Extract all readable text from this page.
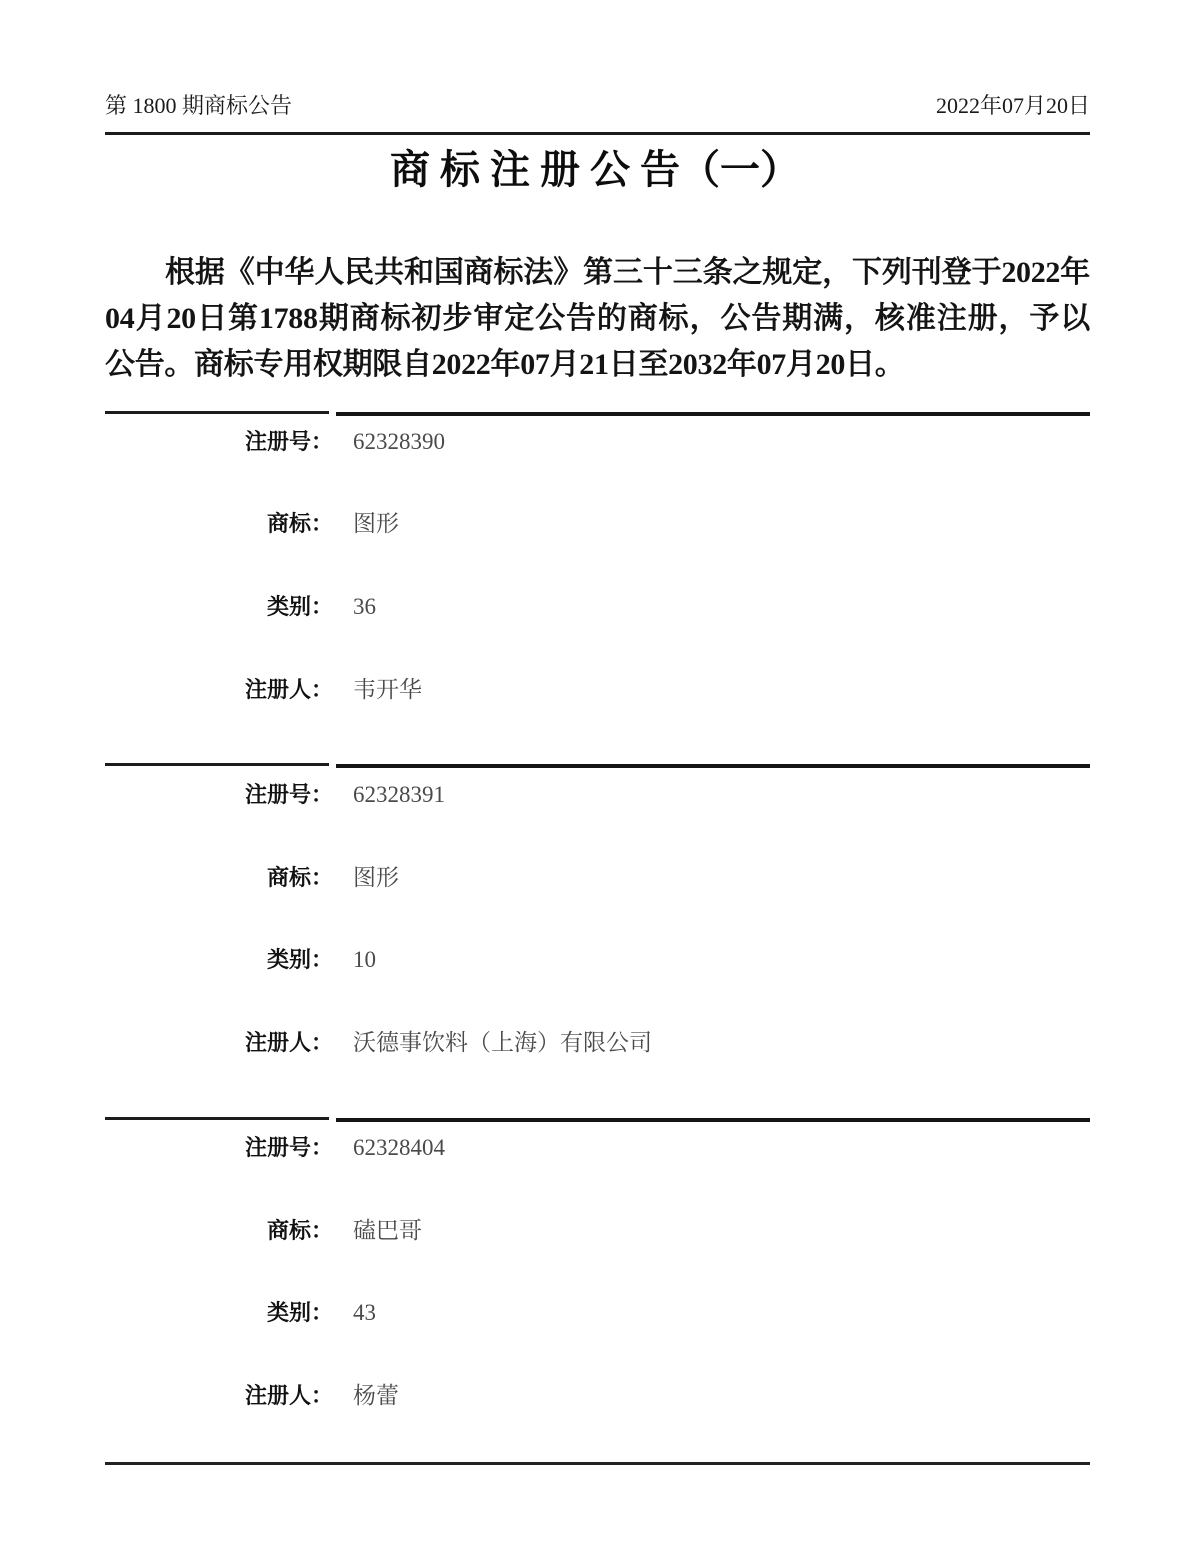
第 1800 期商标公告	2022年07月20日
商 标 注 册 公 告（一）
根据《中华人民共和国商标法》第三十三条之规定，下列刊登于2022年
04月20日第1788期商标初步审定公告的商标，公告期满，核准注册，予以
公告。商标专用权期限自2022年07月21日至2032年07月20日。
注册号： 62328390
商标： 图形
类别： 36
注册人： 韦开华
注册号： 62328391
商标： 图形
类别： 10
注册人： 沃德事饮料（上海）有限公司
注册号： 62328404
商标： 磕巴哥
类别： 43
注册人： 杨蕾
